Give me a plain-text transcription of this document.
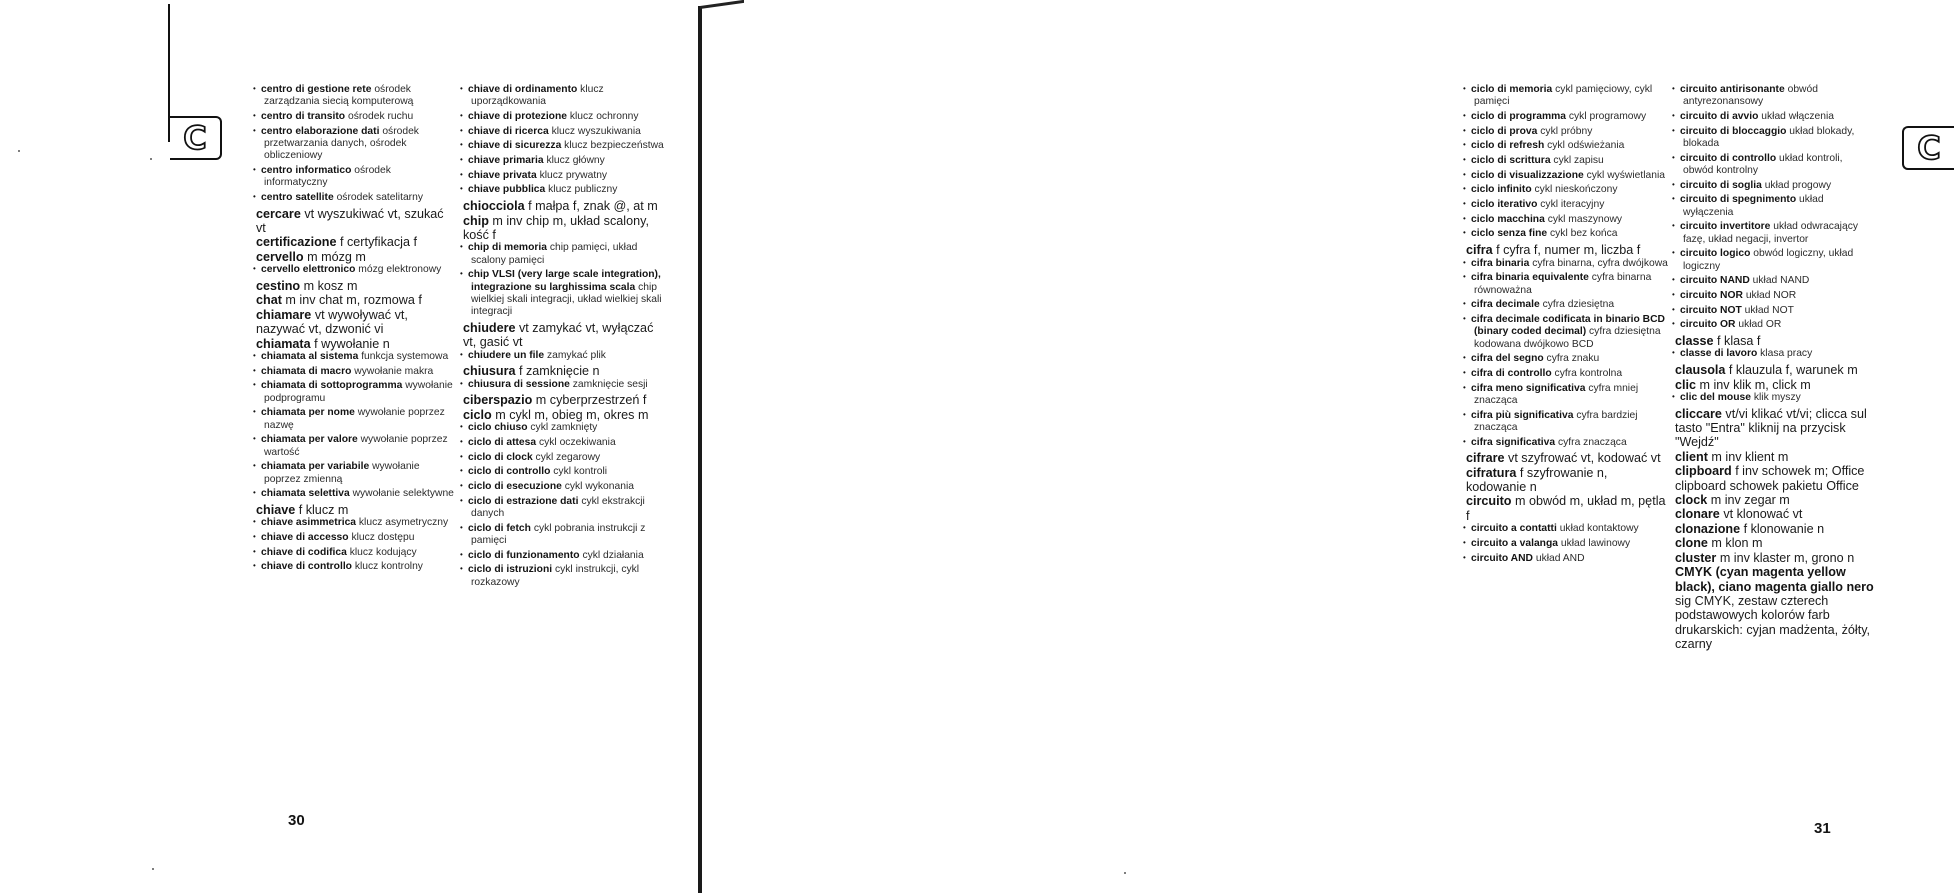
C

• centro di gestione rete ośrodek zarządzania siecią komputerową

• centro di transito ośrodek ruchu

• centro elaborazione dati ośrodek przetwarzania danych, ośrodek obliczeniowy

• centro informatico ośrodek informatyczny

• centro satellite ośrodek satelitarny

cercare vt wyszukiwać vt, szukać vt

certificazione f certyfikacja f

cervello m mózg m

• cervello elettronico mózg elektronowy

cestino m kosz m

chat m inv chat m, rozmowa f

chiamare vt wywoływać vt, nazywać vt, dzwonić vi

chiamata f wywołanie n

• chiamata al sistema funkcja systemowa

• chiamata di macro wywołanie makra

• chiamata di sottoprogramma wywołanie podprogramu

• chiamata per nome wywołanie poprzez nazwę

• chiamata per valore wywołanie poprzez wartość

• chiamata per variabile wywołanie poprzez zmienną

• chiamata selettiva wywołanie selektywne

chiave f klucz m

• chiave asimmetrica klucz asymetryczny

• chiave di accesso klucz dostępu

• chiave di codifica klucz kodujący

• chiave di controllo klucz kontrolny

• chiave di ordinamento klucz uporządkowania

• chiave di protezione klucz ochronny

• chiave di ricerca klucz wyszukiwania

• chiave di sicurezza klucz bezpieczeństwa

• chiave primaria klucz główny

• chiave privata klucz prywatny

• chiave pubblica klucz publiczny

chiocciola f małpa f, znak @, at m

chip m inv chip m, układ scalony, kość f

• chip di memoria chip pamięci, układ scalony pamięci

• chip VLSI (very large scale integration), integrazione su larghissima scala chip wielkiej skali integracji, układ wielkiej skali integracji

chiudere vt zamykać vt, wyłączać vt, gasić vt

• chiudere un file zamykać plik

chiusura f zamknięcie n

• chiusura di sessione zamknięcie sesji

ciberspazio m cyberprzestrzeń f

ciclo m cykl m, obieg m, okres m

• ciclo chiuso cykl zamknięty

• ciclo di attesa cykl oczekiwania

• ciclo di clock cykl zegarowy

• ciclo di controllo cykl kontroli

• ciclo di esecuzione cykl wykonania

• ciclo di estrazione dati cykl ekstrakcji danych

• ciclo di fetch cykl pobrania instrukcji z pamięci

• ciclo di funzionamento cykl działania

• ciclo di istruzioni cykl instrukcji, cykl rozkazowy

30
C

• ciclo di memoria cykl pamięciowy, cykl pamięci

• ciclo di programma cykl programowy

• ciclo di prova cykl próbny

• ciclo di refresh cykl odświeżania

• ciclo di scrittura cykl zapisu

• ciclo di visualizzazione cykl wyświetlania

• ciclo infinito cykl nieskończony

• ciclo iterativo cykl iteracyjny

• ciclo macchina cykl maszynowy

• ciclo senza fine cykl bez końca

cifra f cyfra f, numer m, liczba f

• cifra binaria cyfra binarna, cyfra dwójkowa

• cifra binaria equivalente cyfra binarna równoważna

• cifra decimale cyfra dziesiętna

• cifra decimale codificata in binario BCD (binary coded decimal) cyfra dziesiętna kodowana dwójkowo BCD

• cifra del segno cyfra znaku

• cifra di controllo cyfra kontrolna

• cifra meno significativa cyfra mniej znacząca

• cifra più significativa cyfra bardziej znacząca

• cifra significativa cyfra znacząca

cifrare vt szyfrować vt, kodować vt

cifratura f szyfrowanie n, kodowanie n

circuito m obwód m, układ m, pętla f

• circuito a contatti układ kontaktowy

• circuito a valanga układ lawinowy

• circuito AND układ AND

• circuito antirisonante obwód antyrezonansowy

• circuito di avvio układ włączenia

• circuito di bloccaggio układ blokady, blokada

• circuito di controllo układ kontroli, obwód kontrolny

• circuito di soglia układ progowy

• circuito di spegnimento układ wyłączenia

• circuito invertitore układ odwracający fazę, układ negacji, invertor

• circuito logico obwód logiczny, układ logiczny

• circuito NAND układ NAND

• circuito NOR układ NOR

• circuito NOT układ NOT

• circuito OR układ OR

classe f klasa f

• classe di lavoro klasa pracy

clausola f klauzula f, warunek m

clic m inv klik m, click m

• clic del mouse klik myszy

cliccare vt/vi klikać vt/vi; clicca sul tasto "Entra" kliknij na przycisk "Wejdź"

client m inv klient m

clipboard f inv schowek m; Office clipboard schowek pakietu Office

clock m inv zegar m

clonare vt klonować vt

clonazione f klonowanie n

clone m klon m

cluster m inv klaster m, grono n

CMYK (cyan magenta yellow black), ciano magenta giallo nero sig CMYK, zestaw czterech podstawowych kolorów farb drukarskich: cyjan madżenta, żółty, czarny

31
